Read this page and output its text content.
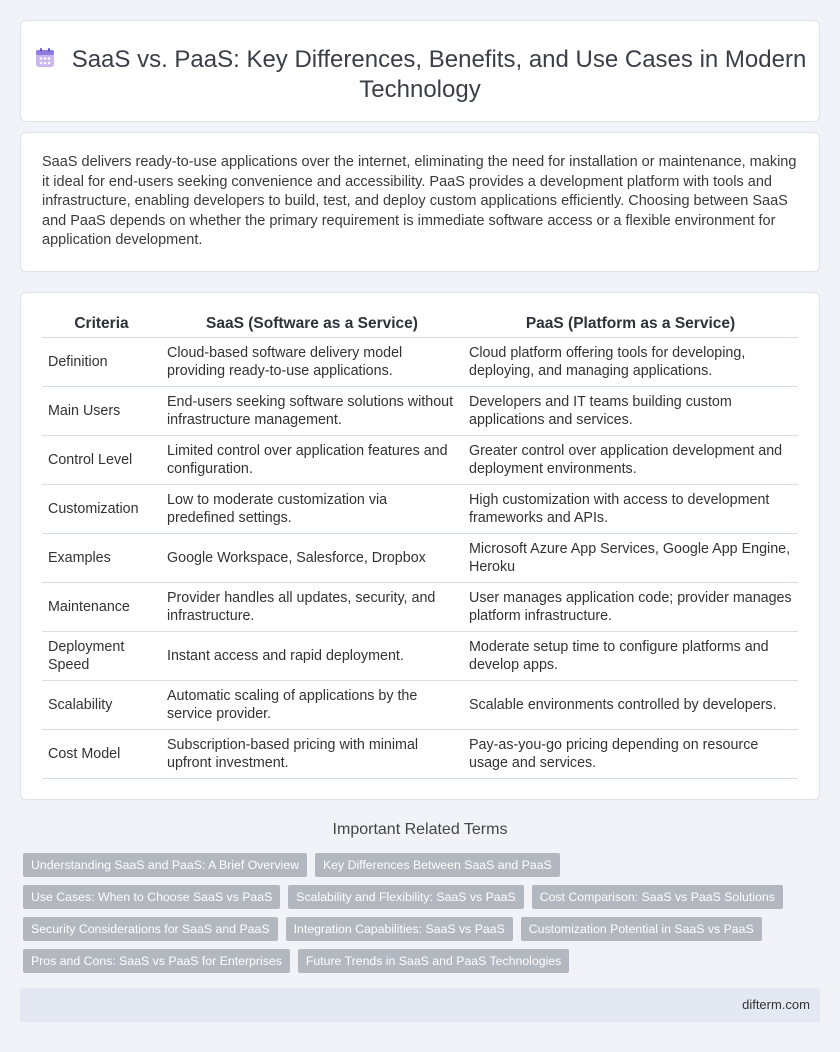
SaaS vs. PaaS: Key Differences, Benefits, and Use Cases in Modern Technology

SaaS delivers ready-to-use applications over the internet, eliminating the need for installation or maintenance, making it ideal for end-users seeking convenience and accessibility. PaaS provides a development platform with tools and infrastructure, enabling developers to build, test, and deploy custom applications efficiently. Choosing between SaaS and PaaS depends on whether the primary requirement is immediate software access or a flexible environment for application development.

Criteria	SaaS (Software as a Service)	PaaS (Platform as a Service)
Definition	Cloud-based software delivery model providing ready-to-use applications.	Cloud platform offering tools for developing, deploying, and managing applications.
Main Users	End-users seeking software solutions without infrastructure management.	Developers and IT teams building custom applications and services.
Control Level	Limited control over application features and configuration.	Greater control over application development and deployment environments.
Customization	Low to moderate customization via predefined settings.	High customization with access to development frameworks and APIs.
Examples	Google Workspace, Salesforce, Dropbox	Microsoft Azure App Services, Google App Engine, Heroku
Maintenance	Provider handles all updates, security, and infrastructure.	User manages application code; provider manages platform infrastructure.
Deployment Speed	Instant access and rapid deployment.	Moderate setup time to configure platforms and develop apps.
Scalability	Automatic scaling of applications by the service provider.	Scalable environments controlled by developers.
Cost Model	Subscription-based pricing with minimal upfront investment.	Pay-as-you-go pricing depending on resource usage and services.
Important Related Terms
Understanding SaaS and PaaS: A Brief Overview	Key Differences Between SaaS and PaaS
Use Cases: When to Choose SaaS vs PaaS	Scalability and Flexibility: SaaS vs PaaS	Cost Comparison: SaaS vs PaaS Solutions
Security Considerations for SaaS and PaaS	Integration Capabilities: SaaS vs PaaS	Customization Potential in SaaS vs PaaS
Pros and Cons: SaaS vs PaaS for Enterprises	Future Trends in SaaS and PaaS Technologies
difterm.com
